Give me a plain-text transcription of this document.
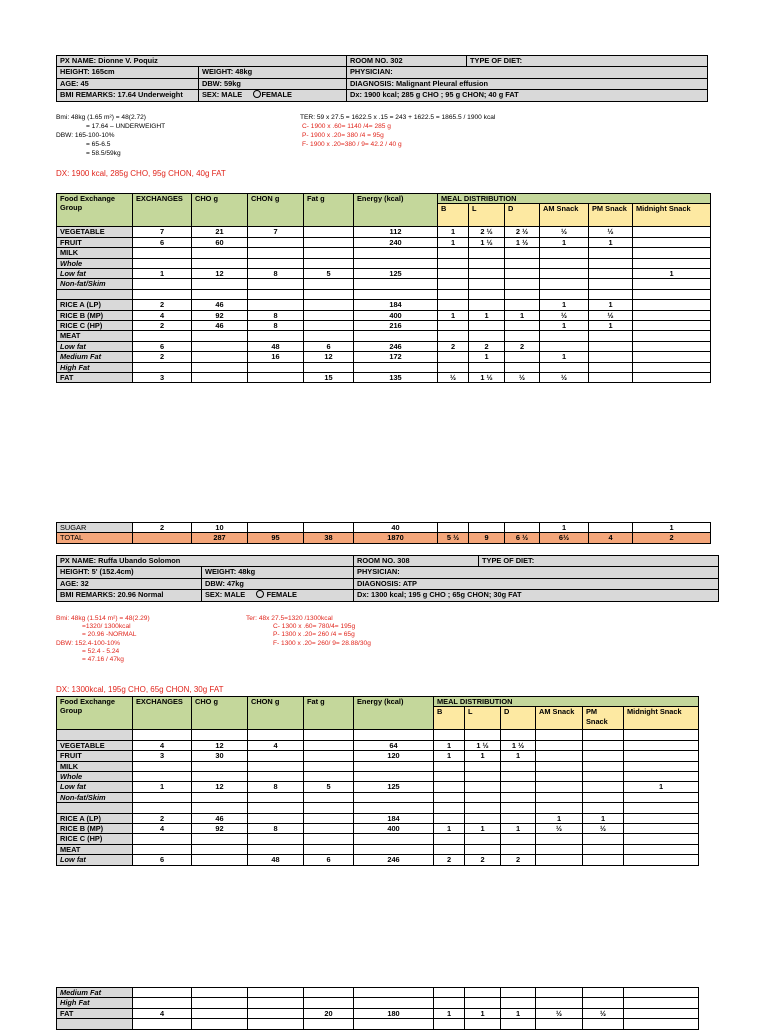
PX NAME: Dionne V. Poquiz		ROOM NO. 302	TYPE OF DIET:
HEIGHT: 165cm	WEIGHT: 48kg	PHYSICIAN:	
AGE: 45	DBW: 59kg	DIAGNOSIS: Malignant Pleural effusion	
BMI REMARKS: 17.64 Underweight	SEX: MALE FEMALE	Dx: 1900 kcal; 285 g CHO ; 95 g CHON; 40 g FAT	
Bmi: 48kg (1.65 m²) = 48(2.72)
= 17.64 – UNDERWEIGHT
DBW: 165-100-10%
= 65-6.5
= 58.5/59kg
TER: 59 x 27.5 = 1622.5 x .15 = 243 + 1622.5 = 1865.5 / 1900 kcal
C- 1900 x .60= 1140 /4= 285 g
P- 1900 x .20= 380 /4 = 95g
F- 1900 x .20=380 / 9= 42.2 / 40 g
DX: 1900 kcal, 285g CHO, 95g CHON, 40g FAT
Food Exchange Group	EXCHANGES	CHO g	CHON g	Fat g	Energy (kcal)	MEAL DISTRIBUTION					
						B	L	D	AM Snack	PM Snack	Midnight Snack
VEGETABLE	7	21	7		112	1	2 ½	2 ½	½	½	
FRUIT	6	60			240	1	1 ½	1 ½	1	1	
MILK											
Whole											
Low fat	1	12	8	5	125						1
Non-fat/Skim											

RICE A (LP)	2	46			184				1	1	
RICE B (MP)	4	92	8		400	1	1	1	½	½	
RICE C (HP)	2	46	8		216				1	1	
MEAT											
Low fat	6		48	6	246	2	2	2			
Medium Fat	2		16	12	172		1		1		
High Fat											
FAT	3			15	135	½	1 ½	½	½		
SUGAR	2	10			40				1		1
TOTAL		287	95	38	1870	5 ½	9	6 ½	6½	4	2
PX NAME: Ruffa Ubando Solomon		ROOM NO. 308	TYPE OF DIET:
HEIGHT: 5' (152.4cm)	WEIGHT: 48kg	PHYSICIAN:	
AGE: 32	DBW: 47kg	DIAGNOSIS: ATP	
BMI REMARKS: 20.96 Normal	SEX: MALE FEMALE	Dx: 1300 kcal; 195 g CHO ; 65g CHON; 30g FAT	
Bmi: 48kg (1.514 m²) = 48(2.29)
=1320/ 1300kcal
= 20.96 -NORMAL
DBW: 152.4-100-10%
= 52.4 - 5.24
= 47.16 / 47kg
Ter: 48x 27.5=1320 /1300kcal
C- 1300 x .60= 780/4= 195g
P- 1300 x .20= 260 /4 = 65g
F- 1300 x .20= 260/ 9= 28.88/30g
DX: 1300kcal, 195g CHO, 65g CHON, 30g FAT
Food Exchange Group	EXCHANGES	CHO g	CHON g	Fat g	Energy (kcal)	MEAL DISTRIBUTION					
						B	L	D	AM Snack	PM Snack	Midnight Snack

VEGETABLE	4	12	4		64	1	1 ½	1 ½			
FRUIT	3	30			120	1	1	1			
MILK											
Whole											
Low fat	1	12	8	5	125						1
Non-fat/Skim											

RICE A (LP)	2	46			184				1	1	
RICE B (MP)	4	92	8		400	1	1	1	½	½	
RICE C (HP)											
MEAT											
Low fat	6		48	6	246	2	2	2			
Medium Fat											
High Fat											
FAT	4			20	180	1	1	1	½	½	
